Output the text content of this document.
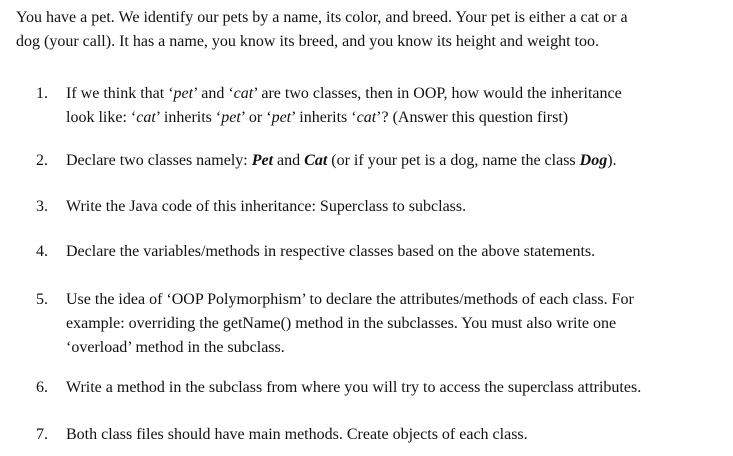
You have a pet. We identify our pets by a name, its color, and breed. Your pet is either a cat or a
dog (your call). It has a name, you know its breed, and you know its height and weight too.

1.	If we think that ‘pet’ and ‘cat’ are two classes, then in OOP, how would the inheritance
look like: ‘cat’ inherits ‘pet’ or ‘pet’ inherits ‘cat’? (Answer this question first)
2.	Declare two classes namely: Pet and Cat (or if your pet is a dog, name the class Dog).
3.	Write the Java code of this inheritance: Superclass to subclass.
4.	Declare the variables/methods in respective classes based on the above statements.
5.	Use the idea of ‘OOP Polymorphism’ to declare the attributes/methods of each class. For
example: overriding the getName() method in the subclasses. You must also write one
‘overload’ method in the subclass.
6.	Write a method in the subclass from where you will try to access the superclass attributes.
7.	Both class files should have main methods. Create objects of each class.
